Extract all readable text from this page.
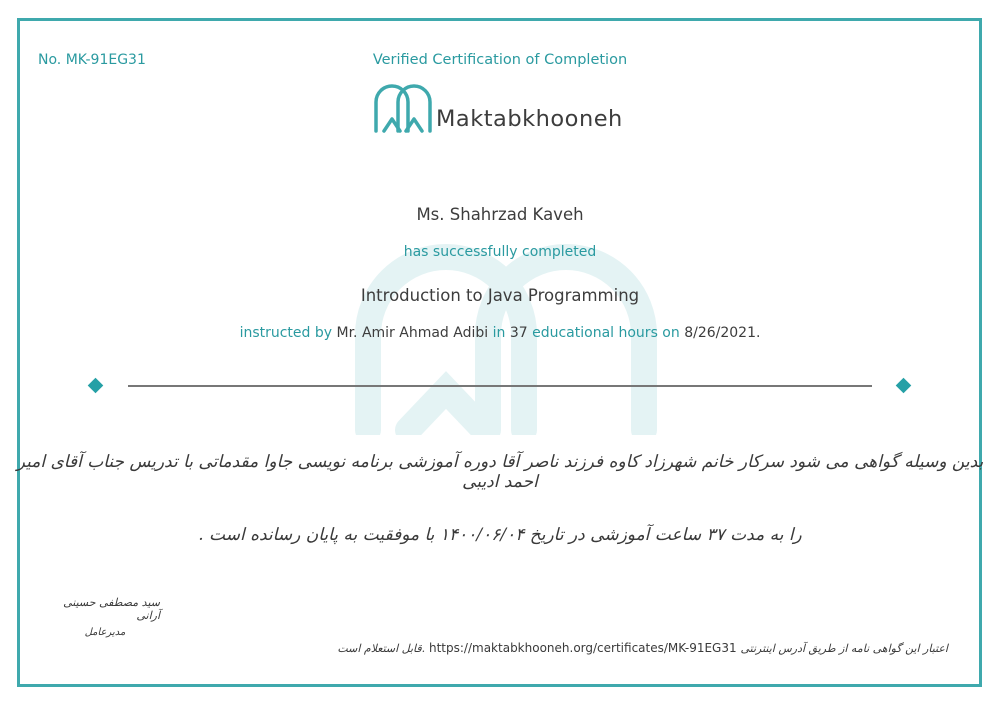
No. MK-91EG31	Verified Certification of Completion
Maktabkhooneh
Ms. Shahrzad Kaveh
has successfully completed
Introduction to Java Programming
instructed by Mr. Amir Ahmad Adibi in 37 educational hours on 8/26/2021.
بدین وسیله گواهی می شود سرکار خانم شهرزاد کاوه فرزند ناصر آقا دوره آموزشی برنامه نویسی جاوا مقدماتی با تدریس جناب آقای امیر احمد ادیبی
را به مدت ۳۷ ساعت آموزشی در تاریخ ۱۴۰۰/۰۶/۰۴ با موفقیت به پایان رسانده است .
سید مصطفی حسینی آرانی
مدیرعامل
قابل استعلام است. https://maktabkhooneh.org/certificates/MK-91EG31 اعتبار این گواهی نامه از طریق آدرس اینترنتی
